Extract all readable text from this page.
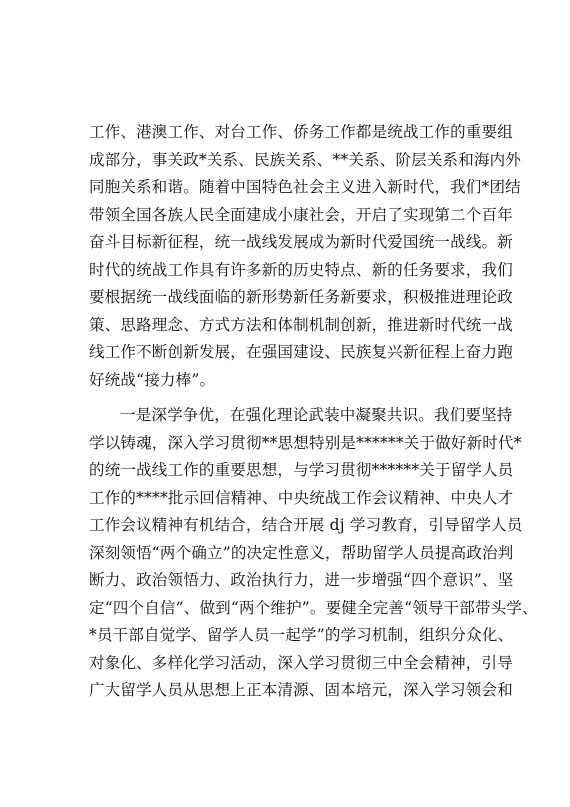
工作、港澳工作、对台工作、侨务工作都是统战工作的重要组
成部分，事关政*关系、民族关系、**关系、阶层关系和海内外
同胞关系和谐。随着中国特色社会主义进入新时代，我们*团结
带领全国各族人民全面建成小康社会，开启了实现第二个百年
奋斗目标新征程，统一战线发展成为新时代爱国统一战线。新
时代的统战工作具有许多新的历史特点、新的任务要求，我们
要根据统一战线面临的新形势新任务新要求，积极推进理论政
策、思路理念、方式方法和体制机制创新，推进新时代统一战
线工作不断创新发展，在强国建设、民族复兴新征程上奋力跑
好统战“接力棒”。
一是深学争优，在强化理论武装中凝聚共识。我们要坚持
学以铸魂，深入学习贯彻**思想特别是******关于做好新时代*
的统一战线工作的重要思想，与学习贯彻******关于留学人员
工作的****批示回信精神、中央统战工作会议精神、中央人才
工作会议精神有机结合，结合开展 dj 学习教育，引导留学人员
深刻领悟“两个确立”的决定性意义，帮助留学人员提高政治判
断力、政治领悟力、政治执行力，进一步增强“四个意识”、坚
定“四个自信”、做到“两个维护”。要健全完善“领导干部带头学、
*员干部自觉学、留学人员一起学”的学习机制，组织分众化、
对象化、多样化学习活动，深入学习贯彻三中全会精神，引导
广大留学人员从思想上正本清源、固本培元，深入学习领会和
